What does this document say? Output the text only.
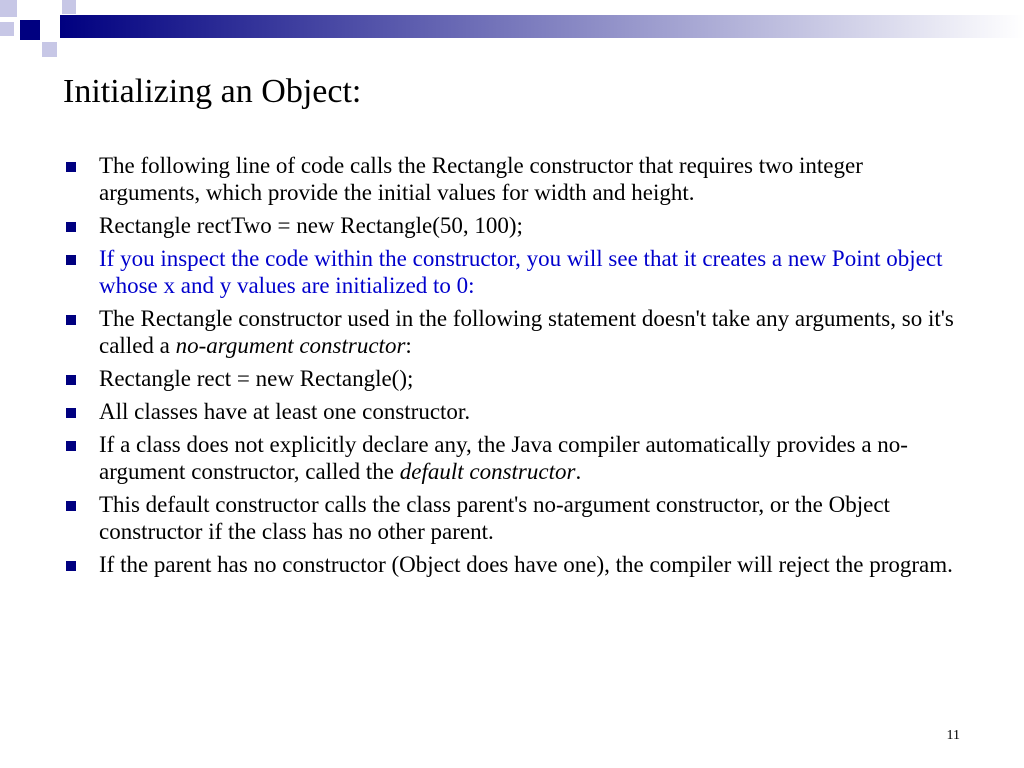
Initializing an Object:
The following line of code calls the Rectangle constructor that requires two integer arguments, which provide the initial values for width and height.
Rectangle rectTwo = new Rectangle(50, 100);
If you inspect the code within the constructor, you will see that it creates a new Point object whose x and y values are initialized to 0:
The Rectangle constructor used in the following statement doesn't take any arguments, so it's called a no-argument constructor:
Rectangle rect = new Rectangle();
All classes have at least one constructor.
If a class does not explicitly declare any, the Java compiler automatically provides a no-argument constructor, called the default constructor.
This default constructor calls the class parent's no-argument constructor, or the Object constructor if the class has no other parent.
If the parent has no constructor (Object does have one), the compiler will reject the program.
11
